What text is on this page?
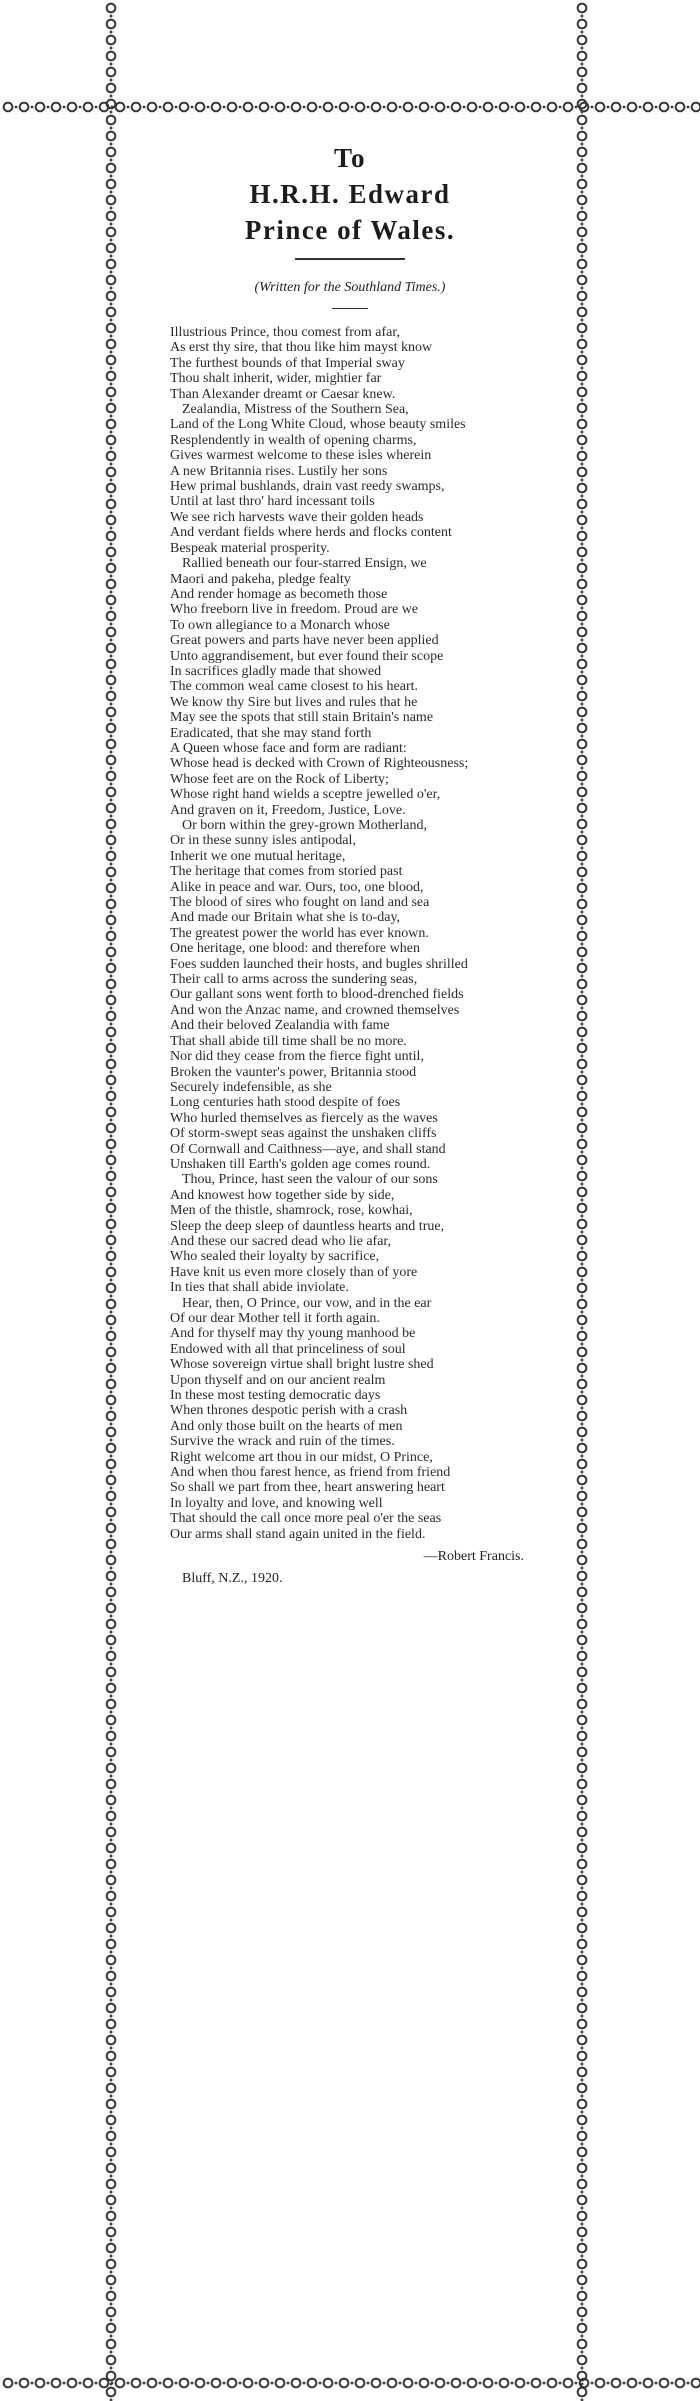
To
H.R.H. Edward
Prince of Wales.
(Written for the Southland Times.)
Illustrious Prince, thou comest from afar,
As erst thy sire, that thou like him mayst know
The furthest bounds of that Imperial sway
Thou shalt inherit, wider, mightier far
Than Alexander dreamt or Caesar knew.
Zealandia, Mistress of the Southern Sea,
Land of the Long White Cloud, whose beauty smiles
Resplendently in wealth of opening charms,
Gives warmest welcome to these isles wherein
A new Britannia rises. Lustily her sons
Hew primal bushlands, drain vast reedy swamps,
Until at last thro' hard incessant toils
We see rich harvests wave their golden heads
And verdant fields where herds and flocks content
Bespeak material prosperity.
Rallied beneath our four-starred Ensign, we
Maori and pakeha, pledge fealty
And render homage as becometh those
Who freeborn live in freedom. Proud are we
To own allegiance to a Monarch whose
Great powers and parts have never been applied
Unto aggrandisement, but ever found their scope
In sacrifices gladly made that showed
The common weal came closest to his heart.
We know thy Sire but lives and rules that he
May see the spots that still stain Britain's name
Eradicated, that she may stand forth
A Queen whose face and form are radiant:
Whose head is decked with Crown of Righteousness;
Whose feet are on the Rock of Liberty;
Whose right hand wields a sceptre jewelled o'er,
And graven on it, Freedom, Justice, Love.
Or born within the grey-grown Motherland,
Or in these sunny isles antipodal,
Inherit we one mutual heritage,
The heritage that comes from storied past
Alike in peace and war. Ours, too, one blood,
The blood of sires who fought on land and sea
And made our Britain what she is to-day,
The greatest power the world has ever known.
One heritage, one blood: and therefore when
Foes sudden launched their hosts, and bugles shrilled
Their call to arms across the sundering seas,
Our gallant sons went forth to blood-drenched fields
And won the Anzac name, and crowned themselves
And their beloved Zealandia with fame
That shall abide till time shall be no more.
Nor did they cease from the fierce fight until,
Broken the vaunter's power, Britannia stood
Securely indefensible, as she
Long centuries hath stood despite of foes
Who hurled themselves as fiercely as the waves
Of storm-swept seas against the unshaken cliffs
Of Cornwall and Caithness—aye, and shall stand
Unshaken till Earth's golden age comes round.
Thou, Prince, hast seen the valour of our sons
And knowest how together side by side,
Men of the thistle, shamrock, rose, kowhai,
Sleep the deep sleep of dauntless hearts and true,
And these our sacred dead who lie afar,
Who sealed their loyalty by sacrifice,
Have knit us even more closely than of yore
In ties that shall abide inviolate.
Hear, then, O Prince, our vow, and in the ear
Of our dear Mother tell it forth again.
And for thyself may thy young manhood be
Endowed with all that princeliness of soul
Whose sovereign virtue shall bright lustre shed
Upon thyself and on our ancient realm
In these most testing democratic days
When thrones despotic perish with a crash
And only those built on the hearts of men
Survive the wrack and ruin of the times.
Right welcome art thou in our midst, O Prince,
And when thou farest hence, as friend from friend
So shall we part from thee, heart answering heart
In loyalty and love, and knowing well
That should the call once more peal o'er the seas
Our arms shall stand again united in the field.
—Robert Francis.
Bluff, N.Z., 1920.
